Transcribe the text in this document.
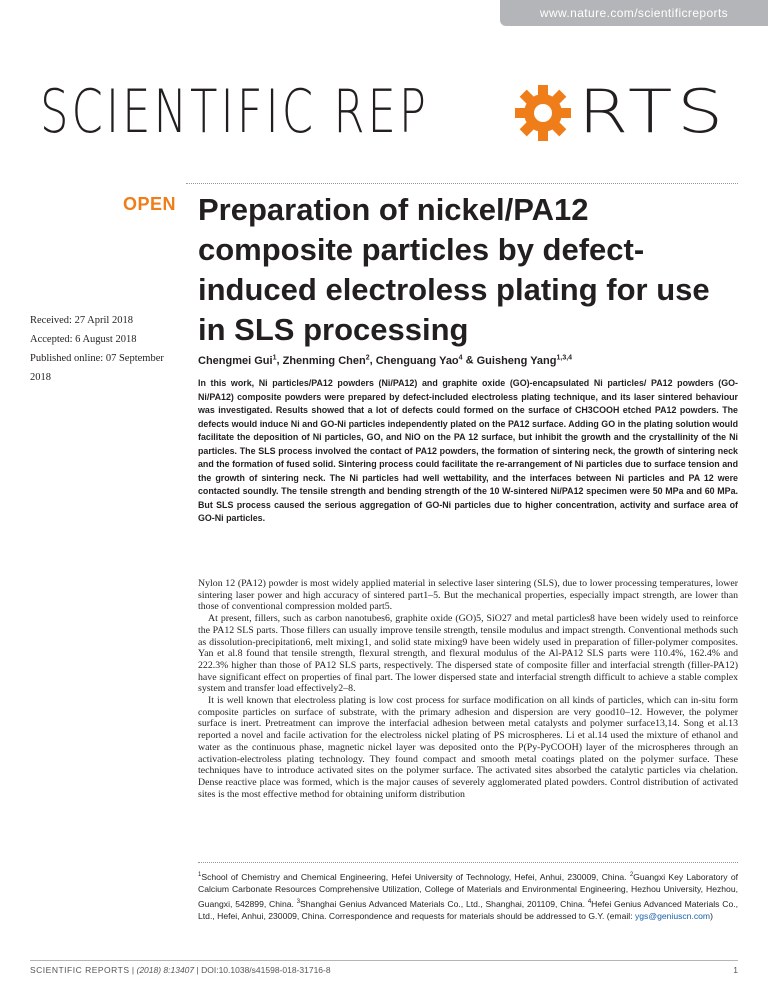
www.nature.com/scientificreports
SCIENTIFIC REP RTS
OPEN
Received: 27 April 2018
Accepted: 6 August 2018
Published online: 07 September 2018
Preparation of nickel/PA12 composite particles by defect-induced electroless plating for use in SLS processing
Chengmei Gui$^1$, Zhenming Chen$^2$, Chenguang Yao$^4$ & Guisheng Yang$^{1,3,4}$

In this work, Ni particles/PA12 powders (Ni/PA12) and graphite oxide (GO)-encapsulated Ni particles/ PA12 powders (GO-Ni/PA12) composite powders were prepared by defect-included electroless plating technique, and its laser sintered behaviour was investigated. Results showed that a lot of defects could formed on the surface of CH3COOH etched PA12 powders. The defects would induce Ni and GO-Ni particles independently plated on the PA12 surface. Adding GO in the plating solution would facilitate the deposition of Ni particles, GO, and NiO on the PA 12 surface, but inhibit the growth and the crystallinity of the Ni particles. The SLS process involved the contact of PA12 powders, the formation of sintering neck, the growth of sintering neck and the formation of fused solid. Sintering process could facilitate the re-arrangement of Ni particles due to surface tension and the growth of sintering neck. The Ni particles had well wettability, and the interfaces between Ni particles and PA 12 were contacted soundly. The tensile strength and bending strength of the 10 W-sintered Ni/PA12 specimen were 50 MPa and 60 MPa. But SLS process caused the serious aggregation of GO-Ni particles due to higher concentration, activity and surface area of GO-Ni particles.

Nylon 12 (PA12) powder is most widely applied material in selective laser sintering (SLS), due to lower processing temperatures, lower sintering laser power and high accuracy of sintered part1–5. But the mechanical properties, especially impact strength, are lower than those of conventional compression molded part5.

At present, fillers, such as carbon nanotubes6, graphite oxide (GO)5, SiO27 and metal particles8 have been widely used to reinforce the PA12 SLS parts. Those fillers can usually improve tensile strength, tensile modulus and impact strength. Conventional methods such as dissolution-precipitation6, melt mixing1, and solid state mixing9 have been widely used in preparation of filler-polymer composites. Yan et al.8 found that tensile strength, flexural strength, and flexural modulus of the Al-PA12 SLS parts were 110.4%, 162.4% and 222.3% higher than those of PA12 SLS parts, respectively. The dispersed state of composite filler and interfacial strength (filler-PA12) have significant effect on properties of final part. The lower dispersed state and interfacial strength difficult to achieve a stable complex system and transfer load effectively2–8.

It is well known that electroless plating is low cost process for surface modification on all kinds of particles, which can in-situ form composite particles on surface of substrate, with the primary adhesion and dispersion are very good10–12. However, the polymer surface is inert. Pretreatment can improve the interfacial adhesion between metal catalysts and polymer surface13,14. Song et al.13 reported a novel and facile activation for the electroless nickel plating of PS microspheres. Li et al.14 used the mixture of ethanol and water as the continuous phase, magnetic nickel layer was deposited onto the P(Py-PyCOOH) layer of the microspheres through an activation-electroless plating technology. They found compact and smooth metal coatings plated on the polymer surface. These techniques have to introduce activated sites on the polymer surface. The activated sites absorbed the catalytic particles via chelation. Dense reactive place was formed, which is the major causes of severely agglomerated plated powders. Control distribution of activated sites is the most effective method for obtaining uniform distribution

$^1$School of Chemistry and Chemical Engineering, Hefei University of Technology, Hefei, Anhui, 230009, China. $^2$Guangxi Key Laboratory of Calcium Carbonate Resources Comprehensive Utilization, College of Materials and Environmental Engineering, Hezhou University, Hezhou, Guangxi, 542899, China. $^3$Shanghai Genius Advanced Materials Co., Ltd., Shanghai, 201109, China. $^4$Hefei Genius Advanced Materials Co., Ltd., Hefei, Anhui, 230009, China. Correspondence and requests for materials should be addressed to G.Y. (email: ygs@geniuscn.com)
SCIENTIFIC REPORTS | (2018) 8:13407 | DOI:10.1038/s41598-018-31716-8	1
